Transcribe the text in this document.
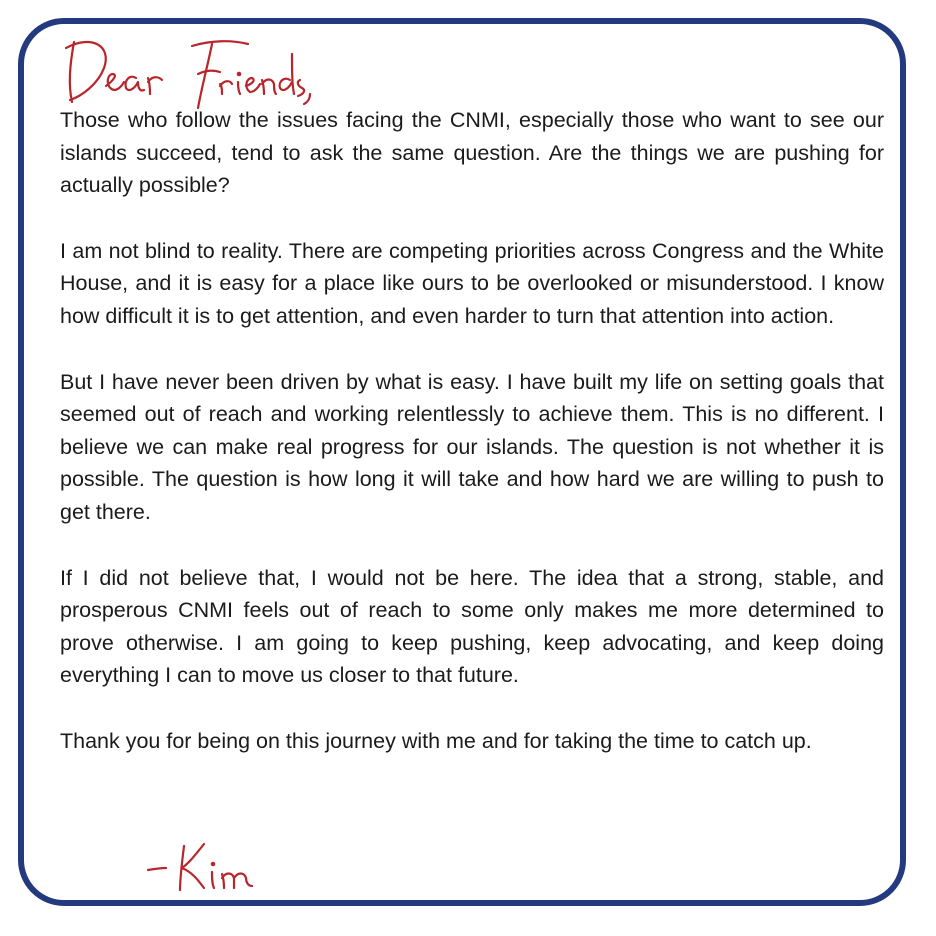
Those who follow the issues facing the CNMI, especially those who want to see our islands succeed, tend to ask the same question. Are the things we are pushing for actually possible?

I am not blind to reality. There are competing priorities across Congress and the White House, and it is easy for a place like ours to be overlooked or misunderstood. I know how difficult it is to get attention, and even harder to turn that attention into action.

But I have never been driven by what is easy. I have built my life on setting goals that seemed out of reach and working relentlessly to achieve them. This is no different. I believe we can make real progress for our islands. The question is not whether it is possible. The question is how long it will take and how hard we are willing to push to get there.

If I did not believe that, I would not be here. The idea that a strong, stable, and prosperous CNMI feels out of reach to some only makes me more determined to prove otherwise. I am going to keep pushing, keep advocating, and keep doing everything I can to move us closer to that future.

Thank you for being on this journey with me and for taking the time to catch up.
